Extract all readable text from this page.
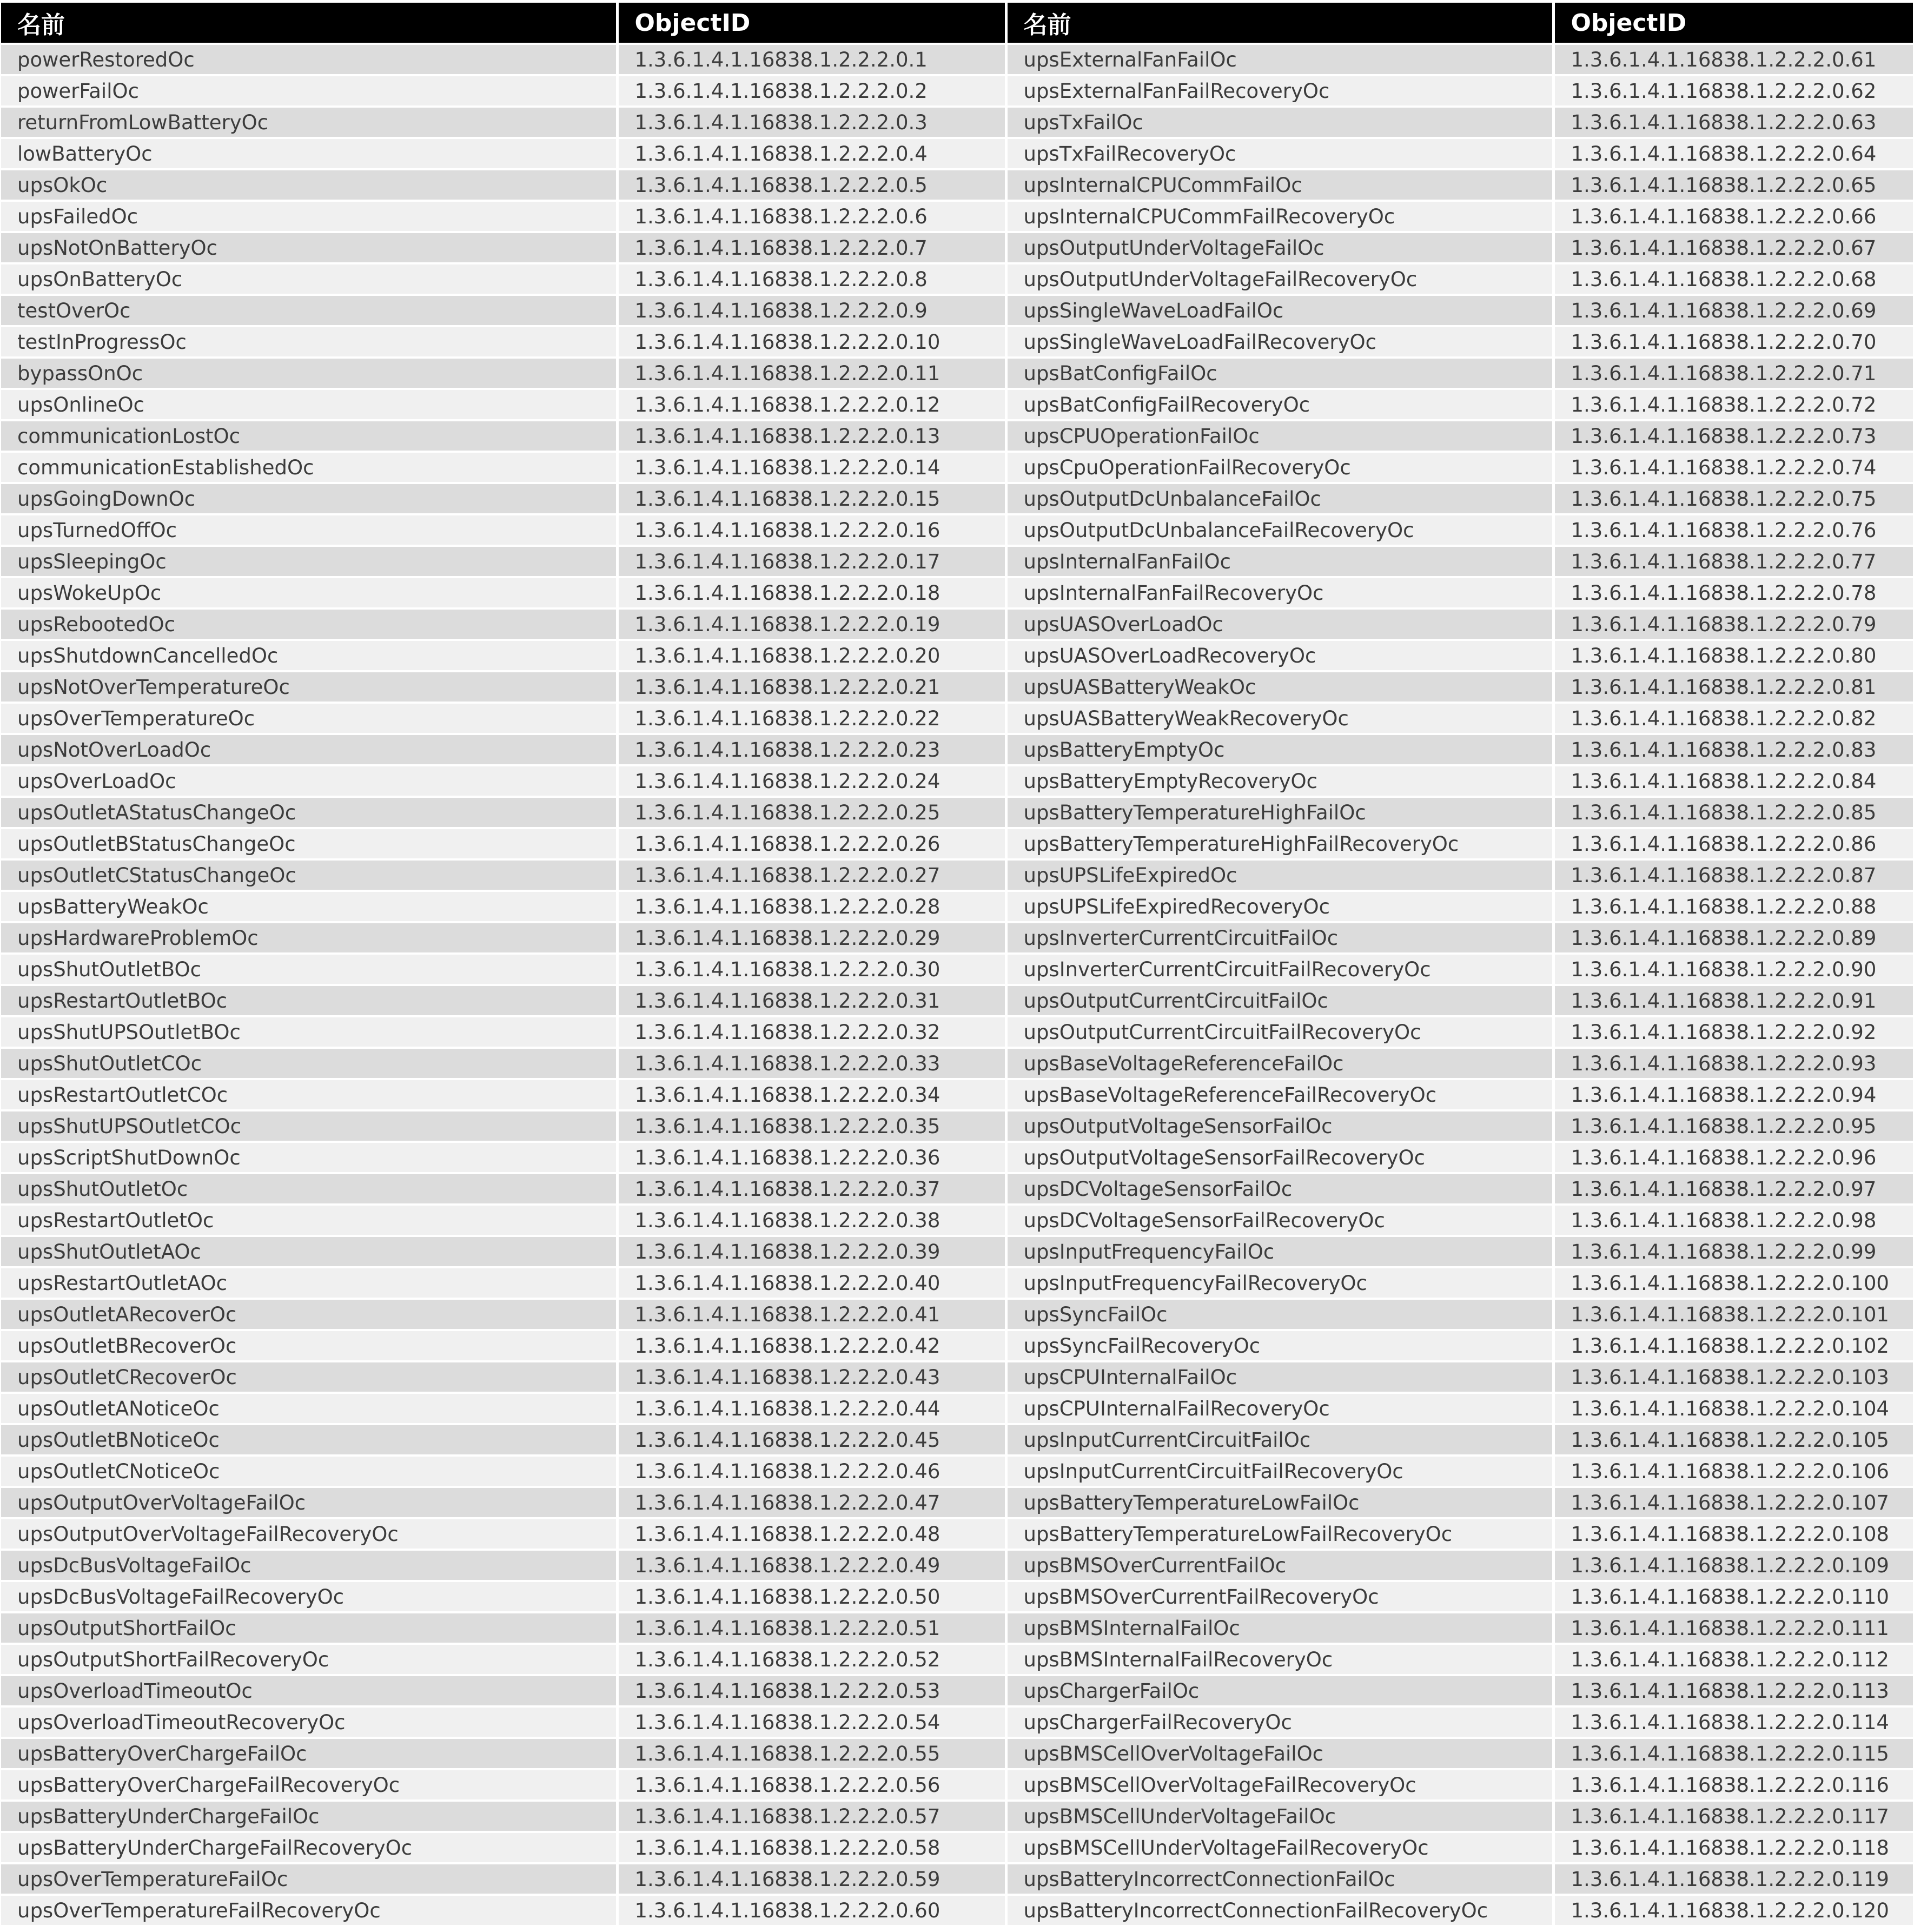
名前	ObjectID	名前	ObjectID
powerRestoredOc	1.3.6.1.4.1.16838.1.2.2.2.0.1	upsExternalFanFailOc	1.3.6.1.4.1.16838.1.2.2.2.0.61
powerFailOc	1.3.6.1.4.1.16838.1.2.2.2.0.2	upsExternalFanFailRecoveryOc	1.3.6.1.4.1.16838.1.2.2.2.0.62
returnFromLowBatteryOc	1.3.6.1.4.1.16838.1.2.2.2.0.3	upsTxFailOc	1.3.6.1.4.1.16838.1.2.2.2.0.63
lowBatteryOc	1.3.6.1.4.1.16838.1.2.2.2.0.4	upsTxFailRecoveryOc	1.3.6.1.4.1.16838.1.2.2.2.0.64
upsOkOc	1.3.6.1.4.1.16838.1.2.2.2.0.5	upsInternalCPUCommFailOc	1.3.6.1.4.1.16838.1.2.2.2.0.65
upsFailedOc	1.3.6.1.4.1.16838.1.2.2.2.0.6	upsInternalCPUCommFailRecoveryOc	1.3.6.1.4.1.16838.1.2.2.2.0.66
upsNotOnBatteryOc	1.3.6.1.4.1.16838.1.2.2.2.0.7	upsOutputUnderVoltageFailOc	1.3.6.1.4.1.16838.1.2.2.2.0.67
upsOnBatteryOc	1.3.6.1.4.1.16838.1.2.2.2.0.8	upsOutputUnderVoltageFailRecoveryOc	1.3.6.1.4.1.16838.1.2.2.2.0.68
testOverOc	1.3.6.1.4.1.16838.1.2.2.2.0.9	upsSingleWaveLoadFailOc	1.3.6.1.4.1.16838.1.2.2.2.0.69
testInProgressOc	1.3.6.1.4.1.16838.1.2.2.2.0.10	upsSingleWaveLoadFailRecoveryOc	1.3.6.1.4.1.16838.1.2.2.2.0.70
bypassOnOc	1.3.6.1.4.1.16838.1.2.2.2.0.11	upsBatConfigFailOc	1.3.6.1.4.1.16838.1.2.2.2.0.71
upsOnlineOc	1.3.6.1.4.1.16838.1.2.2.2.0.12	upsBatConfigFailRecoveryOc	1.3.6.1.4.1.16838.1.2.2.2.0.72
communicationLostOc	1.3.6.1.4.1.16838.1.2.2.2.0.13	upsCPUOperationFailOc	1.3.6.1.4.1.16838.1.2.2.2.0.73
communicationEstablishedOc	1.3.6.1.4.1.16838.1.2.2.2.0.14	upsCpuOperationFailRecoveryOc	1.3.6.1.4.1.16838.1.2.2.2.0.74
upsGoingDownOc	1.3.6.1.4.1.16838.1.2.2.2.0.15	upsOutputDcUnbalanceFailOc	1.3.6.1.4.1.16838.1.2.2.2.0.75
upsTurnedOffOc	1.3.6.1.4.1.16838.1.2.2.2.0.16	upsOutputDcUnbalanceFailRecoveryOc	1.3.6.1.4.1.16838.1.2.2.2.0.76
upsSleepingOc	1.3.6.1.4.1.16838.1.2.2.2.0.17	upsInternalFanFailOc	1.3.6.1.4.1.16838.1.2.2.2.0.77
upsWokeUpOc	1.3.6.1.4.1.16838.1.2.2.2.0.18	upsInternalFanFailRecoveryOc	1.3.6.1.4.1.16838.1.2.2.2.0.78
upsRebootedOc	1.3.6.1.4.1.16838.1.2.2.2.0.19	upsUASOverLoadOc	1.3.6.1.4.1.16838.1.2.2.2.0.79
upsShutdownCancelledOc	1.3.6.1.4.1.16838.1.2.2.2.0.20	upsUASOverLoadRecoveryOc	1.3.6.1.4.1.16838.1.2.2.2.0.80
upsNotOverTemperatureOc	1.3.6.1.4.1.16838.1.2.2.2.0.21	upsUASBatteryWeakOc	1.3.6.1.4.1.16838.1.2.2.2.0.81
upsOverTemperatureOc	1.3.6.1.4.1.16838.1.2.2.2.0.22	upsUASBatteryWeakRecoveryOc	1.3.6.1.4.1.16838.1.2.2.2.0.82
upsNotOverLoadOc	1.3.6.1.4.1.16838.1.2.2.2.0.23	upsBatteryEmptyOc	1.3.6.1.4.1.16838.1.2.2.2.0.83
upsOverLoadOc	1.3.6.1.4.1.16838.1.2.2.2.0.24	upsBatteryEmptyRecoveryOc	1.3.6.1.4.1.16838.1.2.2.2.0.84
upsOutletAStatusChangeOc	1.3.6.1.4.1.16838.1.2.2.2.0.25	upsBatteryTemperatureHighFailOc	1.3.6.1.4.1.16838.1.2.2.2.0.85
upsOutletBStatusChangeOc	1.3.6.1.4.1.16838.1.2.2.2.0.26	upsBatteryTemperatureHighFailRecoveryOc	1.3.6.1.4.1.16838.1.2.2.2.0.86
upsOutletCStatusChangeOc	1.3.6.1.4.1.16838.1.2.2.2.0.27	upsUPSLifeExpiredOc	1.3.6.1.4.1.16838.1.2.2.2.0.87
upsBatteryWeakOc	1.3.6.1.4.1.16838.1.2.2.2.0.28	upsUPSLifeExpiredRecoveryOc	1.3.6.1.4.1.16838.1.2.2.2.0.88
upsHardwareProblemOc	1.3.6.1.4.1.16838.1.2.2.2.0.29	upsInverterCurrentCircuitFailOc	1.3.6.1.4.1.16838.1.2.2.2.0.89
upsShutOutletBOc	1.3.6.1.4.1.16838.1.2.2.2.0.30	upsInverterCurrentCircuitFailRecoveryOc	1.3.6.1.4.1.16838.1.2.2.2.0.90
upsRestartOutletBOc	1.3.6.1.4.1.16838.1.2.2.2.0.31	upsOutputCurrentCircuitFailOc	1.3.6.1.4.1.16838.1.2.2.2.0.91
upsShutUPSOutletBOc	1.3.6.1.4.1.16838.1.2.2.2.0.32	upsOutputCurrentCircuitFailRecoveryOc	1.3.6.1.4.1.16838.1.2.2.2.0.92
upsShutOutletCOc	1.3.6.1.4.1.16838.1.2.2.2.0.33	upsBaseVoltageReferenceFailOc	1.3.6.1.4.1.16838.1.2.2.2.0.93
upsRestartOutletCOc	1.3.6.1.4.1.16838.1.2.2.2.0.34	upsBaseVoltageReferenceFailRecoveryOc	1.3.6.1.4.1.16838.1.2.2.2.0.94
upsShutUPSOutletCOc	1.3.6.1.4.1.16838.1.2.2.2.0.35	upsOutputVoltageSensorFailOc	1.3.6.1.4.1.16838.1.2.2.2.0.95
upsScriptShutDownOc	1.3.6.1.4.1.16838.1.2.2.2.0.36	upsOutputVoltageSensorFailRecoveryOc	1.3.6.1.4.1.16838.1.2.2.2.0.96
upsShutOutletOc	1.3.6.1.4.1.16838.1.2.2.2.0.37	upsDCVoltageSensorFailOc	1.3.6.1.4.1.16838.1.2.2.2.0.97
upsRestartOutletOc	1.3.6.1.4.1.16838.1.2.2.2.0.38	upsDCVoltageSensorFailRecoveryOc	1.3.6.1.4.1.16838.1.2.2.2.0.98
upsShutOutletAOc	1.3.6.1.4.1.16838.1.2.2.2.0.39	upsInputFrequencyFailOc	1.3.6.1.4.1.16838.1.2.2.2.0.99
upsRestartOutletAOc	1.3.6.1.4.1.16838.1.2.2.2.0.40	upsInputFrequencyFailRecoveryOc	1.3.6.1.4.1.16838.1.2.2.2.0.100
upsOutletARecoverOc	1.3.6.1.4.1.16838.1.2.2.2.0.41	upsSyncFailOc	1.3.6.1.4.1.16838.1.2.2.2.0.101
upsOutletBRecoverOc	1.3.6.1.4.1.16838.1.2.2.2.0.42	upsSyncFailRecoveryOc	1.3.6.1.4.1.16838.1.2.2.2.0.102
upsOutletCRecoverOc	1.3.6.1.4.1.16838.1.2.2.2.0.43	upsCPUInternalFailOc	1.3.6.1.4.1.16838.1.2.2.2.0.103
upsOutletANoticeOc	1.3.6.1.4.1.16838.1.2.2.2.0.44	upsCPUInternalFailRecoveryOc	1.3.6.1.4.1.16838.1.2.2.2.0.104
upsOutletBNoticeOc	1.3.6.1.4.1.16838.1.2.2.2.0.45	upsInputCurrentCircuitFailOc	1.3.6.1.4.1.16838.1.2.2.2.0.105
upsOutletCNoticeOc	1.3.6.1.4.1.16838.1.2.2.2.0.46	upsInputCurrentCircuitFailRecoveryOc	1.3.6.1.4.1.16838.1.2.2.2.0.106
upsOutputOverVoltageFailOc	1.3.6.1.4.1.16838.1.2.2.2.0.47	upsBatteryTemperatureLowFailOc	1.3.6.1.4.1.16838.1.2.2.2.0.107
upsOutputOverVoltageFailRecoveryOc	1.3.6.1.4.1.16838.1.2.2.2.0.48	upsBatteryTemperatureLowFailRecoveryOc	1.3.6.1.4.1.16838.1.2.2.2.0.108
upsDcBusVoltageFailOc	1.3.6.1.4.1.16838.1.2.2.2.0.49	upsBMSOverCurrentFailOc	1.3.6.1.4.1.16838.1.2.2.2.0.109
upsDcBusVoltageFailRecoveryOc	1.3.6.1.4.1.16838.1.2.2.2.0.50	upsBMSOverCurrentFailRecoveryOc	1.3.6.1.4.1.16838.1.2.2.2.0.110
upsOutputShortFailOc	1.3.6.1.4.1.16838.1.2.2.2.0.51	upsBMSInternalFailOc	1.3.6.1.4.1.16838.1.2.2.2.0.111
upsOutputShortFailRecoveryOc	1.3.6.1.4.1.16838.1.2.2.2.0.52	upsBMSInternalFailRecoveryOc	1.3.6.1.4.1.16838.1.2.2.2.0.112
upsOverloadTimeoutOc	1.3.6.1.4.1.16838.1.2.2.2.0.53	upsChargerFailOc	1.3.6.1.4.1.16838.1.2.2.2.0.113
upsOverloadTimeoutRecoveryOc	1.3.6.1.4.1.16838.1.2.2.2.0.54	upsChargerFailRecoveryOc	1.3.6.1.4.1.16838.1.2.2.2.0.114
upsBatteryOverChargeFailOc	1.3.6.1.4.1.16838.1.2.2.2.0.55	upsBMSCellOverVoltageFailOc	1.3.6.1.4.1.16838.1.2.2.2.0.115
upsBatteryOverChargeFailRecoveryOc	1.3.6.1.4.1.16838.1.2.2.2.0.56	upsBMSCellOverVoltageFailRecoveryOc	1.3.6.1.4.1.16838.1.2.2.2.0.116
upsBatteryUnderChargeFailOc	1.3.6.1.4.1.16838.1.2.2.2.0.57	upsBMSCellUnderVoltageFailOc	1.3.6.1.4.1.16838.1.2.2.2.0.117
upsBatteryUnderChargeFailRecoveryOc	1.3.6.1.4.1.16838.1.2.2.2.0.58	upsBMSCellUnderVoltageFailRecoveryOc	1.3.6.1.4.1.16838.1.2.2.2.0.118
upsOverTemperatureFailOc	1.3.6.1.4.1.16838.1.2.2.2.0.59	upsBatteryIncorrectConnectionFailOc	1.3.6.1.4.1.16838.1.2.2.2.0.119
upsOverTemperatureFailRecoveryOc	1.3.6.1.4.1.16838.1.2.2.2.0.60	upsBatteryIncorrectConnectionFailRecoveryOc	1.3.6.1.4.1.16838.1.2.2.2.0.120
